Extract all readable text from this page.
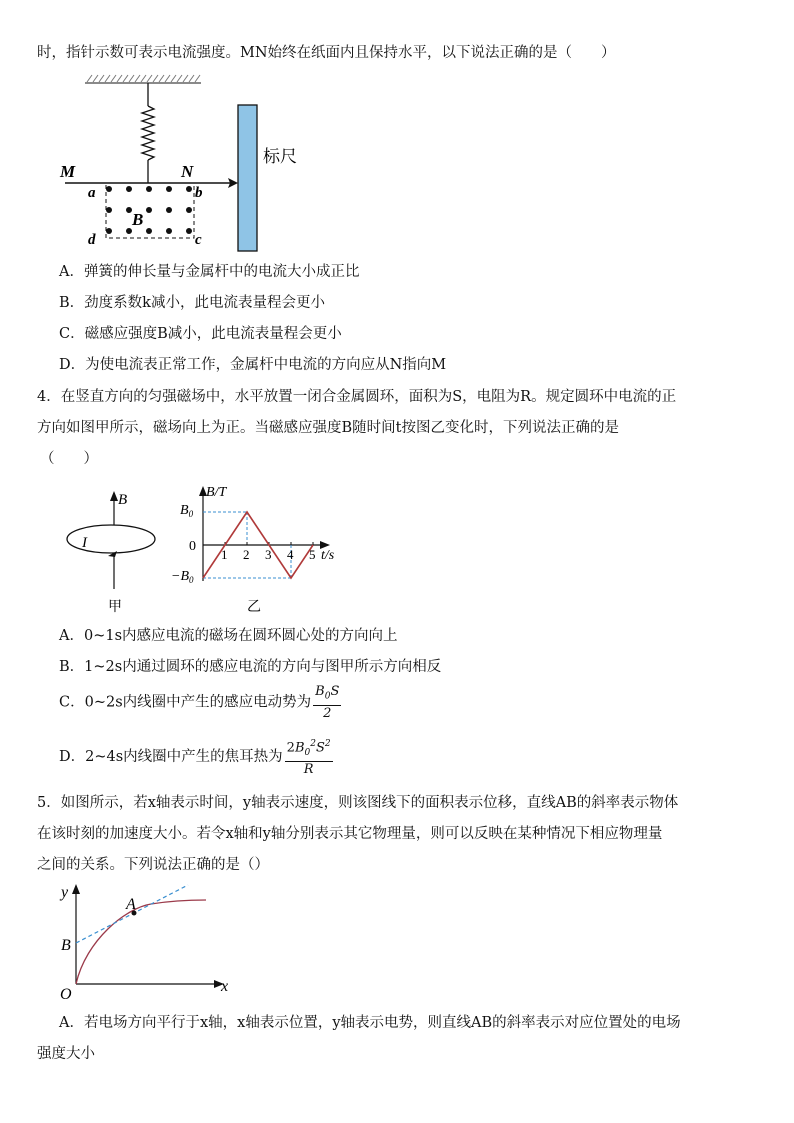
时，指针示数可表示电流强度。MN始终在纸面内且保持水平，以下说法正确的是（　　）
M	N
a	b
d	c
B
标尺
A．弹簧的伸长量与金属杆中的电流大小成正比
B．劲度系数k减小，此电流表量程会更小
C．磁感应强度B减小，此电流表量程会更小
D．为使电流表正常工作，金属杆中电流的方向应从N指向M
4．在竖直方向的匀强磁场中，水平放置一闭合金属圆环，面积为S，电阻为R。规定圆环中电流的正
方向如图甲所示，磁场向上为正。当磁感应强度B随时间t按图乙变化时，下列说法正确的是
（　　）
B
I
甲
1 2 3 4 5
B/T
t/s
$B_0$
0
$-B_0$
乙
A．0~1s内感应电流的磁场在圆环圆心处的方向向上
B．1~2s内通过圆环的感应电流的方向与图甲所示方向相反
C．0~2s内线圈中产生的感应电动势为 $\frac{B_0S}{2}$
D．2~4s内线圈中产生的焦耳热为 $\frac{2B_0^2S^2}{R}$
5．如图所示，若x轴表示时间，y轴表示速度，则该图线下的面积表示位移，直线AB的斜率表示物体
在该时刻的加速度大小。若令x轴和y轴分别表示其它物理量，则可以反映在某种情况下相应物理量
之间的关系。下列说法正确的是（）
y
x
O
A
B
A．若电场方向平行于x轴，x轴表示位置，y轴表示电势，则直线AB的斜率表示对应位置处的电场
强度大小
